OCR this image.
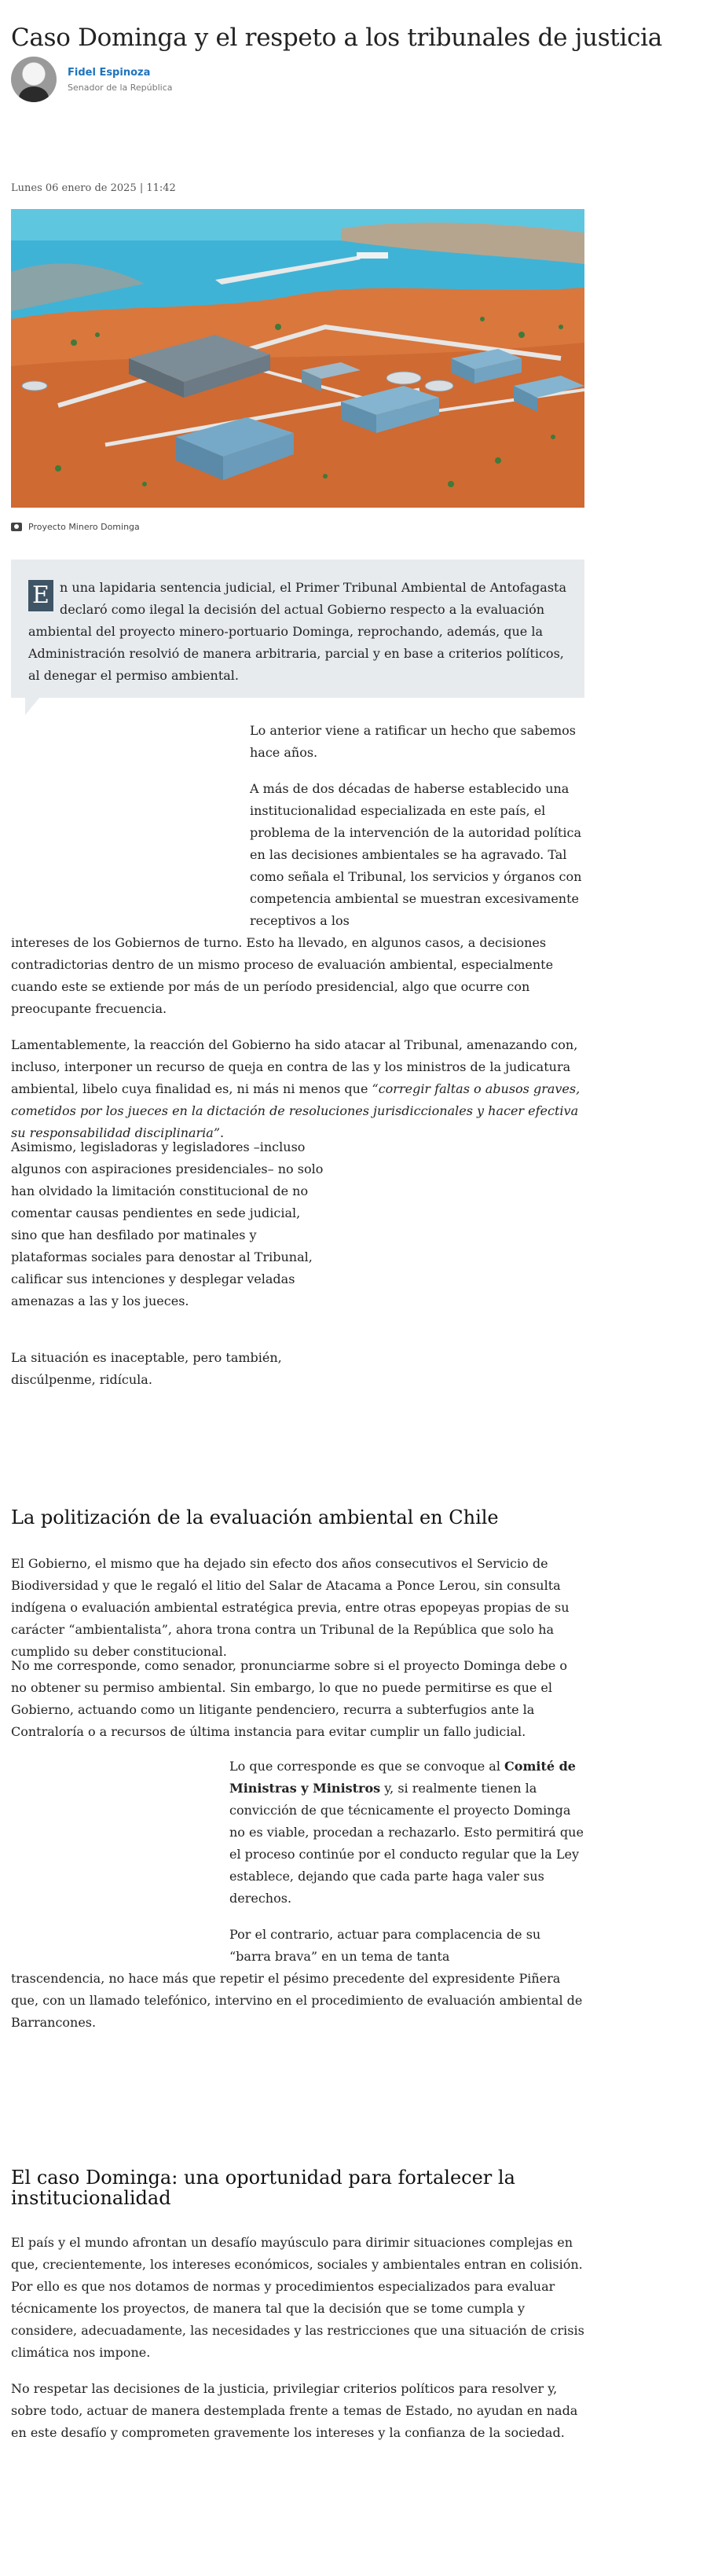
Caso Dominga y el respeto a los tribunales de justicia
Fidel Espinoza
Senador de la República
Lunes 06 enero de 2025 | 11:42
Proyecto Minero Dominga
E n una lapidaria sentencia judicial, el Primer Tribunal Ambiental de Antofagasta declaró como ilegal la decisión del actual Gobierno respecto a la evaluación ambiental del proyecto minero-portuario Dominga, reprochando, además, que la Administración resolvió de manera arbitraria, parcial y en base a criterios políticos, al denegar el permiso ambiental.

Lo anterior viene a ratificar un hecho que sabemos hace años.

A más de dos décadas de haberse establecido una institucionalidad especializada en este país, el problema de la intervención de la autoridad política en las decisiones ambientales se ha agravado. Tal como señala el Tribunal, los servicios y órganos con competencia ambiental se muestran excesivamente receptivos a los

intereses de los Gobiernos de turno. Esto ha llevado, en algunos casos, a decisiones contradictorias dentro de un mismo proceso de evaluación ambiental, especialmente cuando este se extiende por más de un período presidencial, algo que ocurre con preocupante frecuencia.

Lamentablemente, la reacción del Gobierno ha sido atacar al Tribunal, amenazando con, incluso, interponer un recurso de queja en contra de las y los ministros de la judicatura ambiental, libelo cuya finalidad es, ni más ni menos que “corregir faltas o abusos graves, cometidos por los jueces en la dictación de resoluciones jurisdiccionales y hacer efectiva su responsabilidad disciplinaria”.

Asimismo, legisladoras y legisladores –incluso algunos con aspiraciones presidenciales– no solo han olvidado la limitación constitucional de no comentar causas pendientes en sede judicial, sino que han desfilado por matinales y plataformas sociales para denostar al Tribunal, calificar sus intenciones y desplegar veladas amenazas a las y los jueces.

La situación es inaceptable, pero también, discúlpenme, ridícula.

La politización de la evaluación ambiental en Chile

El Gobierno, el mismo que ha dejado sin efecto dos años consecutivos el Servicio de Biodiversidad y que le regaló el litio del Salar de Atacama a Ponce Lerou, sin consulta indígena o evaluación ambiental estratégica previa, entre otras epopeyas propias de su carácter “ambientalista”, ahora trona contra un Tribunal de la República que solo ha cumplido su deber constitucional.

No me corresponde, como senador, pronunciarme sobre si el proyecto Dominga debe o no obtener su permiso ambiental. Sin embargo, lo que no puede permitirse es que el Gobierno, actuando como un litigante pendenciero, recurra a subterfugios ante la Contraloría o a recursos de última instancia para evitar cumplir un fallo judicial.

Lo que corresponde es que se convoque al Comité de Ministras y Ministros y, si realmente tienen la convicción de que técnicamente el proyecto Dominga no es viable, procedan a rechazarlo. Esto permitirá que el proceso continúe por el conducto regular que la Ley establece, dejando que cada parte haga valer sus derechos.

Por el contrario, actuar para complacencia de su “barra brava” en un tema de tanta

trascendencia, no hace más que repetir el pésimo precedente del expresidente Piñera que, con un llamado telefónico, intervino en el procedimiento de evaluación ambiental de Barrancones.

El caso Dominga: una oportunidad para fortalecer la institucionalidad

El país y el mundo afrontan un desafío mayúsculo para dirimir situaciones complejas en que, crecientemente, los intereses económicos, sociales y ambientales entran en colisión. Por ello es que nos dotamos de normas y procedimientos especializados para evaluar técnicamente los proyectos, de manera tal que la decisión que se tome cumpla y considere, adecuadamente, las necesidades y las restricciones que una situación de crisis climática nos impone.

No respetar las decisiones de la justicia, privilegiar criterios políticos para resolver y, sobre todo, actuar de manera destemplada frente a temas de Estado, no ayudan en nada en este desafío y comprometen gravemente los intereses y la confianza de la sociedad.
